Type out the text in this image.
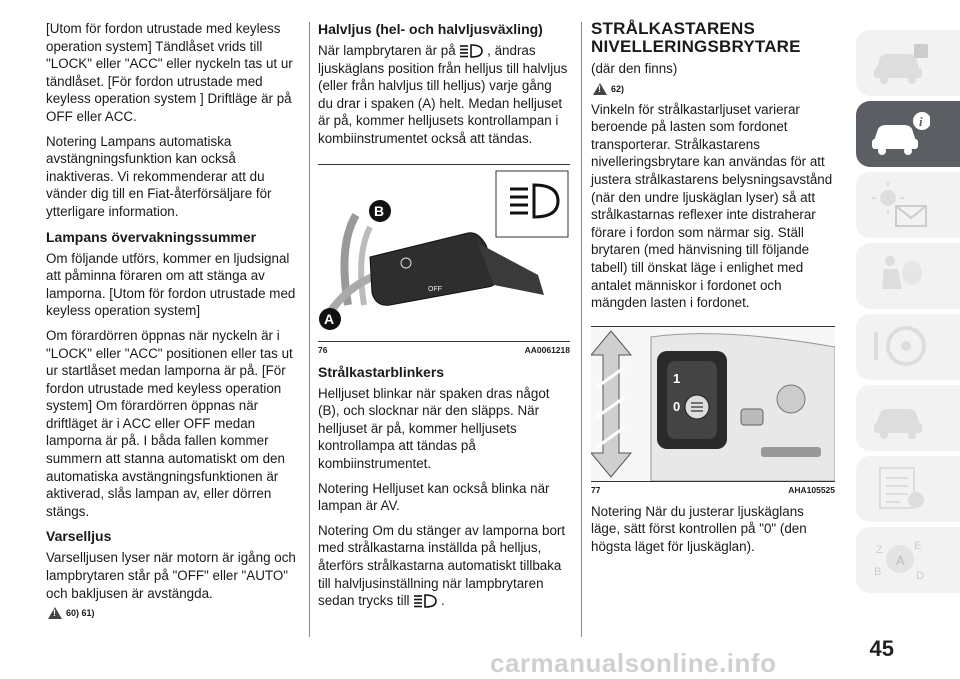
[Utom för fordon utrustade med keyless operation system] Tändlåset vrids till "LOCK" eller "ACC" eller nyckeln tas ut ur tändlåset. [För fordon utrustade med keyless operation system ] Driftläge är på OFF eller ACC.

Notering Lampans automatiska avstängningsfunktion kan också inaktiveras. Vi rekommenderar att du vänder dig till en Fiat-återförsäljare för ytterligare information.

Lampans övervakningssummer

Om följande utförs, kommer en ljudsignal att påminna föraren om att stänga av lamporna. [Utom för fordon utrustade med keyless operation system]

Om förardörren öppnas när nyckeln är i "LOCK" eller "ACC" positionen eller tas ut ur startlåset medan lamporna är på. [För fordon utrustade med keyless operation system] Om förardörren öppnas när driftläget är i ACC eller OFF medan lamporna är på. I båda fallen kommer summern att stanna automatiskt om den automatiska avstängningsfunktionen är aktiverad, slås lampan av, eller dörren stängs.

Varselljus

Varselljusen lyser när motorn är igång och lampbrytaren står på "OFF" eller "AUTO" och bakljusen är avstängda.

!
60) 61)
Halvljus (hel- och halvljusväxling)

När lampbrytaren är på , ändras ljuskäglans position från helljus till halvljus (eller från halvljus till helljus) varje gång du drar i spaken (A) helt. Medan helljuset är på, kommer helljusets kontrollampan i kombiinstrumentet också att tändas.

OFF
B
A
76	AA0061218
Strålkastarblinkers

Helljuset blinkar när spaken dras något (B), och slocknar när den släpps. När helljuset är på, kommer helljusets kontrollampa att tändas på kombiinstrumentet.

Notering Helljuset kan också blinka när lampan är AV.

Notering Om du stänger av lamporna bort med strålkastarna inställda på helljus, återförs strålkastarna automatiskt tillbaka till halvljusinställning när lampbrytaren sedan trycks till .

STRÅLKASTARENS NIVELLERINGSBRYTARE

(där den finns)

!
62)

Vinkeln för strålkastarljuset varierar beroende på lasten som fordonet transporterar. Strålkastarens nivelleringsbrytare kan användas för att justera strålkastarens belysningsavstånd (när den undre ljuskäglan lyser) så att strålkastarnas reflexer inte distraherar förare i fordon som närmar sig. Ställ brytaren (med hänvisning till följande tabell) till önskat läge i enlighet med antalet människor i fordonet och mängden lasten i fordonet.

1
0
77	AHA105525

Notering När du justerar ljuskäglans läge, sätt först kontrollen på "0" (den högsta läget för ljuskäglan).

i
Z	E
B	D
A
45
carmanualsonline.info
